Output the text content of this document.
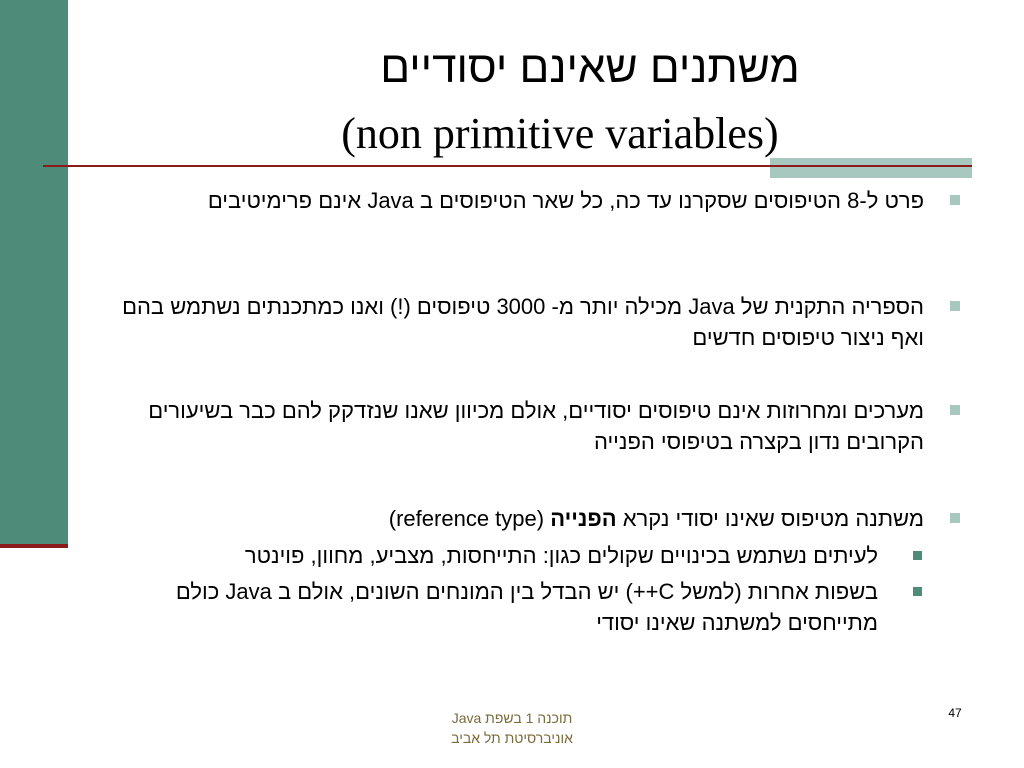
משתנים שאינם יסודיים
(non primitive variables)
פרט ל-8 הטיפוסים שסקרנו עד כה, כל שאר הטיפוסים ב Java אינם פרימיטיבים
הספריה התקנית של Java מכילה יותר מ- 3000 טיפוסים (!) ואנו כמתכנתים נשתמש בהם ואף ניצור טיפוסים חדשים
מערכים ומחרוזות אינם טיפוסים יסודיים, אולם מכיוון שאנו שנזדקק להם כבר בשיעורים הקרובים נדון בקצרה בטיפוסי הפנייה
משתנה מטיפוס שאינו יסודי נקרא הפנייה (reference type)
לעיתים נשתמש בכינויים שקולים כגון: התייחסות, מצביע, מחוון, פוינטר
בשפות אחרות (למשל C++) יש הבדל בין המונחים השונים, אולם ב Java כולם מתייחסים למשתנה שאינו יסודי
תוכנה 1 בשפת Java
אוניברסיטת תל אביב
47
